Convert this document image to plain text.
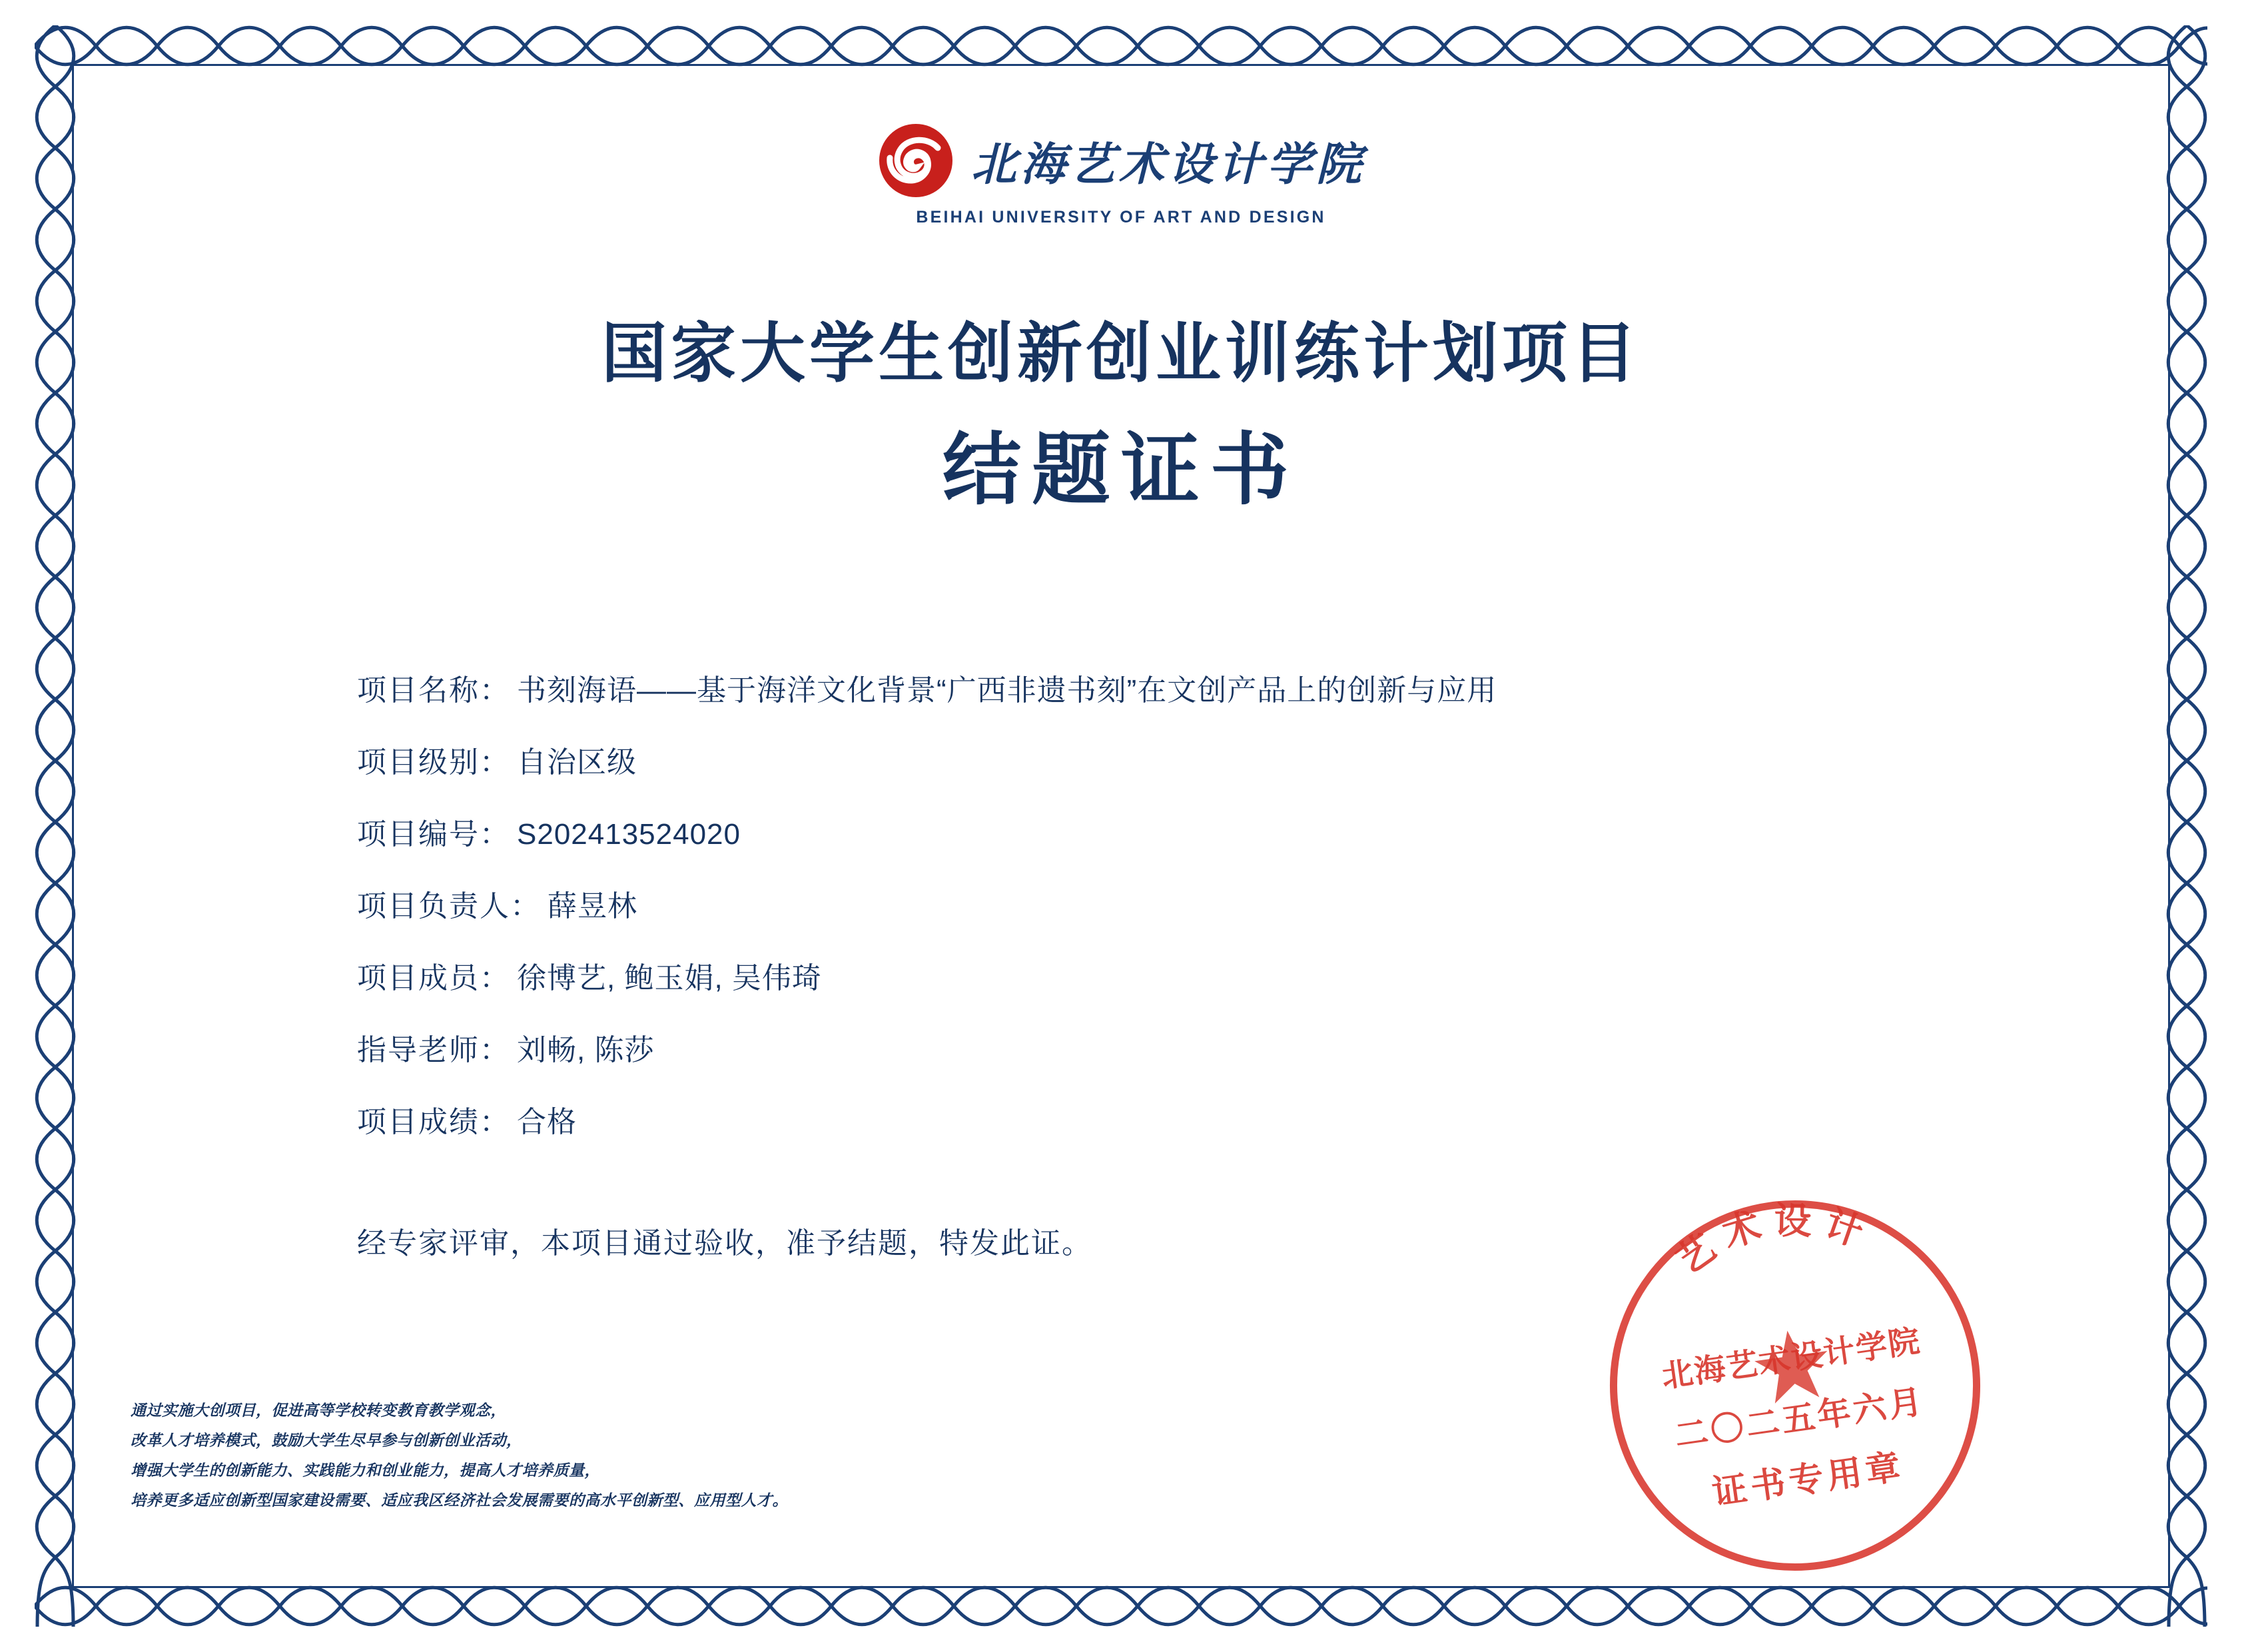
北海艺术设计学院
BEIHAI UNIVERSITY OF ART AND DESIGN
国家大学生创新创业训练计划项目
结题证书
项目名称： 书刻海语——基于海洋文化背景“广西非遗书刻”在文创产品上的创新与应用
项目级别： 自治区级
项目编号： S202413524020
项目负责人： 薛昱林
项目成员： 徐博艺, 鲍玉娟, 吴伟琦
指导老师： 刘畅, 陈莎
项目成绩： 合格
经专家评审，本项目通过验收，准予结题，特发此证。
通过实施大创项目，促进高等学校转变教育教学观念，
改革人才培养模式，鼓励大学生尽早参与创新创业活动，
增强大学生的创新能力、实践能力和创业能力，提高人才培养质量，
培养更多适应创新型国家建设需要、适应我区经济社会发展需要的高水平创新型、应用型人才。
艺术设计
北海艺术设计学院
二〇二五年六月
证书专用章
